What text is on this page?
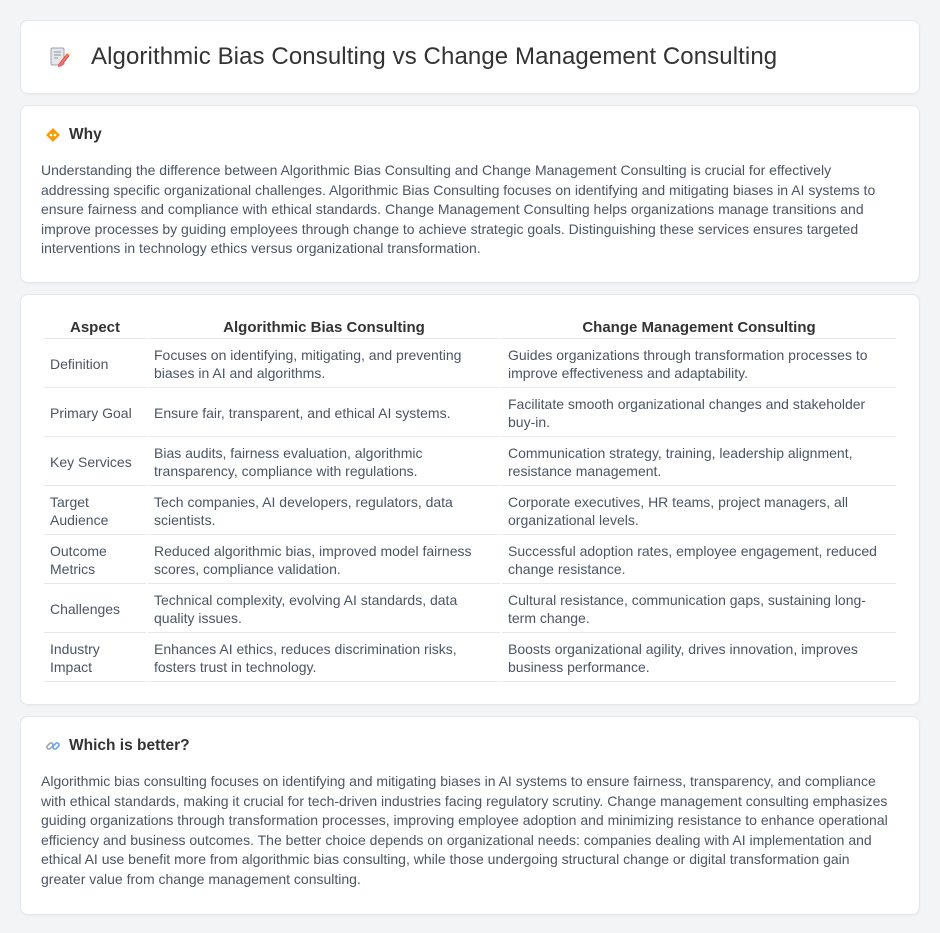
Algorithmic Bias Consulting vs Change Management Consulting
Why

Understanding the difference between Algorithmic Bias Consulting and Change Management Consulting is crucial for effectively addressing specific organizational challenges. Algorithmic Bias Consulting focuses on identifying and mitigating biases in AI systems to ensure fairness and compliance with ethical standards. Change Management Consulting helps organizations manage transitions and improve processes by guiding employees through change to achieve strategic goals. Distinguishing these services ensures targeted interventions in technology ethics versus organizational transformation.

Aspect	Algorithmic Bias Consulting	Change Management Consulting
Definition	Focuses on identifying, mitigating, and preventing biases in AI and algorithms.	Guides organizations through transformation processes to improve effectiveness and adaptability.
Primary Goal	Ensure fair, transparent, and ethical AI systems.	Facilitate smooth organizational changes and stakeholder buy-in.
Key Services	Bias audits, fairness evaluation, algorithmic transparency, compliance with regulations.	Communication strategy, training, leadership alignment, resistance management.
Target Audience	Tech companies, AI developers, regulators, data scientists.	Corporate executives, HR teams, project managers, all organizational levels.
Outcome Metrics	Reduced algorithmic bias, improved model fairness scores, compliance validation.	Successful adoption rates, employee engagement, reduced change resistance.
Challenges	Technical complexity, evolving AI standards, data quality issues.	Cultural resistance, communication gaps, sustaining long-term change.
Industry Impact	Enhances AI ethics, reduces discrimination risks, fosters trust in technology.	Boosts organizational agility, drives innovation, improves business performance.
Which is better?

Algorithmic bias consulting focuses on identifying and mitigating biases in AI systems to ensure fairness, transparency, and compliance with ethical standards, making it crucial for tech-driven industries facing regulatory scrutiny. Change management consulting emphasizes guiding organizations through transformation processes, improving employee adoption and minimizing resistance to enhance operational efficiency and business outcomes. The better choice depends on organizational needs: companies dealing with AI implementation and ethical AI use benefit more from algorithmic bias consulting, while those undergoing structural change or digital transformation gain greater value from change management consulting.
